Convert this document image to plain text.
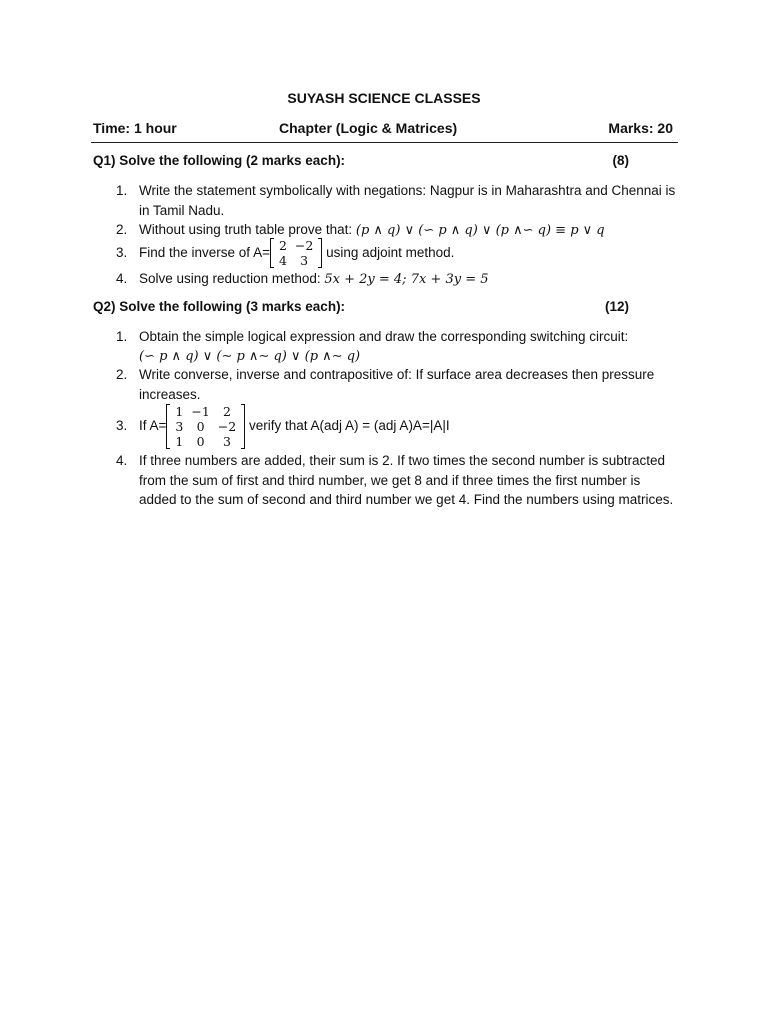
SUYASH SCIENCE CLASSES
Time: 1 hour	Chapter (Logic & Matrices)	Marks: 20
Q1) Solve the following (2 marks each):	(8)
1. Write the statement symbolically with negations: Nagpur is in Maharashtra and Chennai is in Tamil Nadu.
2. Without using truth table prove that: (p ∧ q) ∨ (∽ p ∧ q) ∨ (p ∧∽ q) ≡ p ∨ q
3. Find the inverse of A= 2	−2
4	3
using adjoint method.
4. Solve using reduction method: 5x + 2y = 4; 7x + 3y = 5
Q2) Solve the following (3 marks each):	(12)
1. Obtain the simple logical expression and draw the corresponding switching circuit:
(∽ p ∧ q) ∨ (∼ p ∧∼ q) ∨ (p ∧∼ q)
2. Write converse, inverse and contrapositive of: If surface area decreases then pressure increases.
3. If A=
1	−1	2
3	0	−2
1	0	3
verify that A(adj A) = (adj A)A=|A|I
4. If three numbers are added, their sum is 2. If two times the second number is subtracted from the sum of first and third number, we get 8 and if three times the first number is added to the sum of second and third number we get 4. Find the numbers using matrices.
